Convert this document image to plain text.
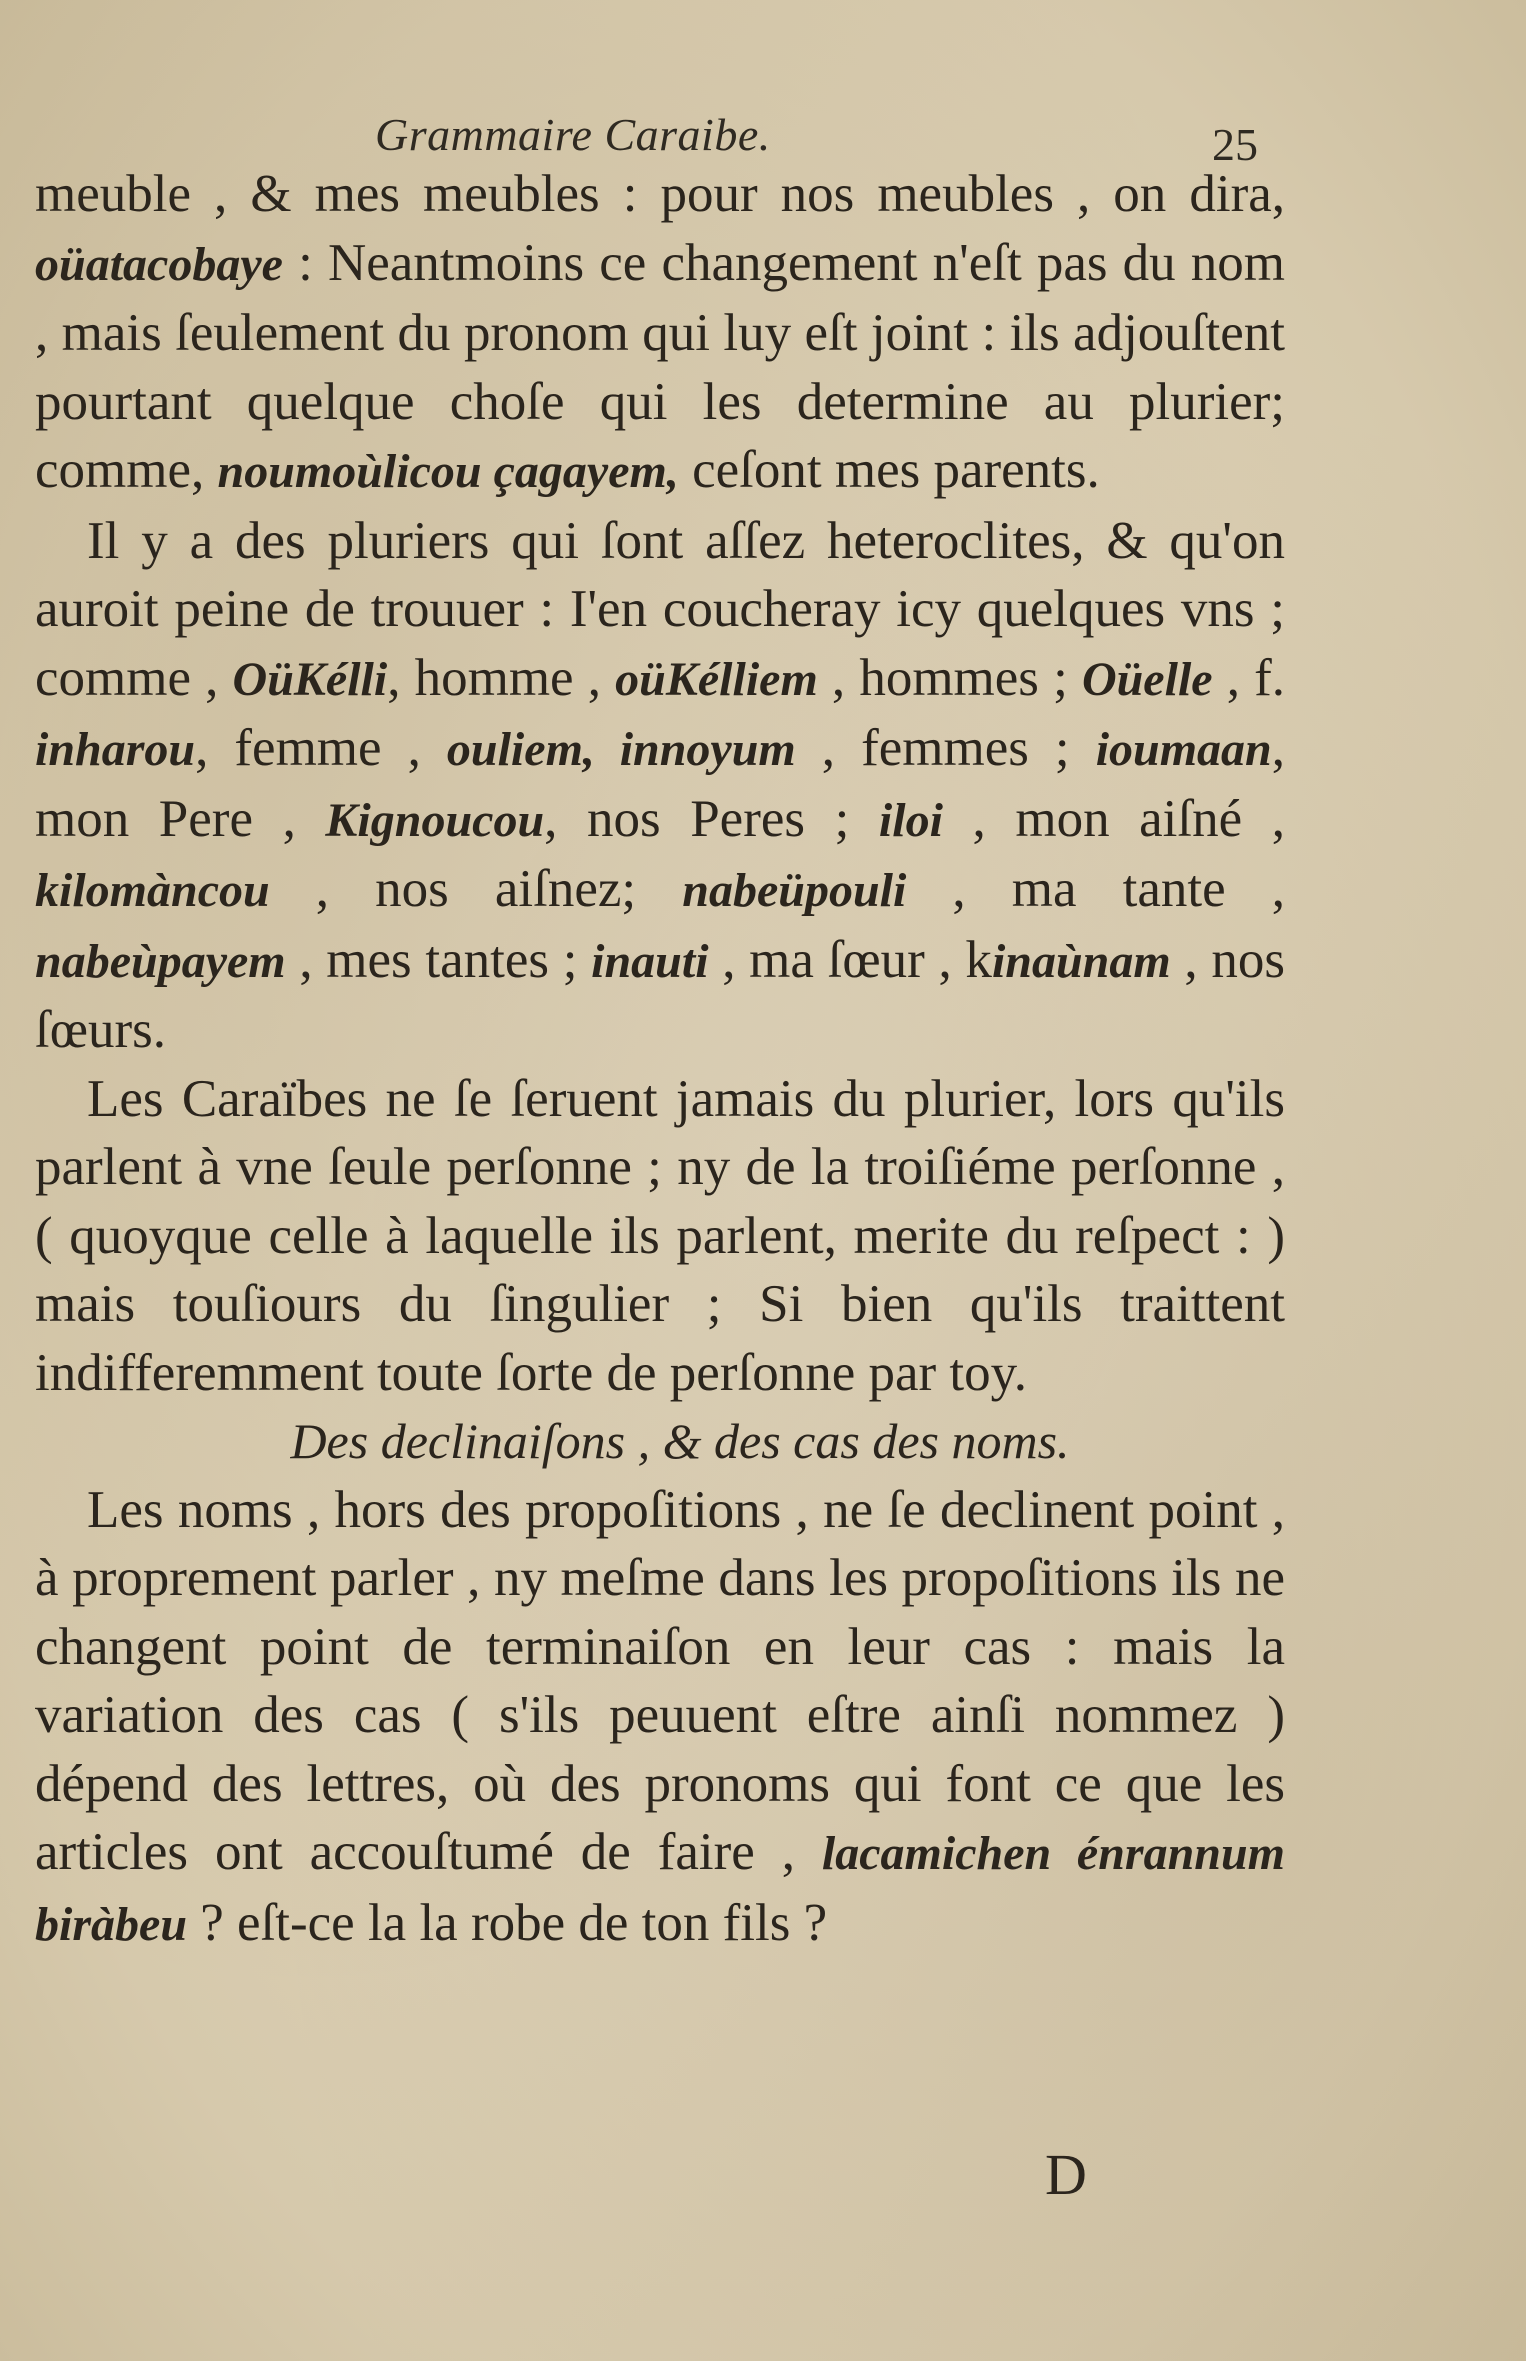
Grammaire Caraibe.	25

meuble , & mes meubles : pour nos meubles , on dira, oüatacobaye : Neantmoins ce changement n'eſt pas du nom , mais ſeulement du pronom qui luy eſt joint : ils adjouſtent pourtant quelque choſe qui les determine au plurier; comme, noumoùlicou çagayem, ceſont mes parents.

Il y a des pluriers qui ſont aſſez heteroclites, & qu'on auroit peine de trouuer : I'en coucheray icy quelques vns ; comme , OüKélli, homme , oüKélliem , hommes ; Oüelle , f. inharou, femme , ouliem, innoyum , femmes ; ioumaan, mon Pere , Kignoucou, nos Peres ; iloi , mon aiſné , kilomàncou , nos aiſnez; nabeüpouli , ma tante , nabeùpayem , mes tantes ; inauti , ma ſœur , kinaùnam , nos ſœurs.

Les Caraïbes ne ſe ſeruent jamais du plurier, lors qu'ils parlent à vne ſeule perſonne ; ny de la troiſiéme perſonne , ( quoyque celle à laquelle ils parlent, merite du reſpect : ) mais touſiours du ſingulier ; Si bien qu'ils traittent indifferemment toute ſorte de perſonne par toy.

Des declinaiſons , & des cas des noms.

Les noms , hors des propoſitions , ne ſe declinent point , à proprement parler , ny meſme dans les propoſitions ils ne changent point de terminaiſon en leur cas : mais la variation des cas ( s'ils peuuent eſtre ainſi nommez ) dépend des lettres, où des pronoms qui font ce que les articles ont accouſtumé de faire , lacamichen énrannum biràbeu ? eſt-ce la la robe de ton fils ?

D
